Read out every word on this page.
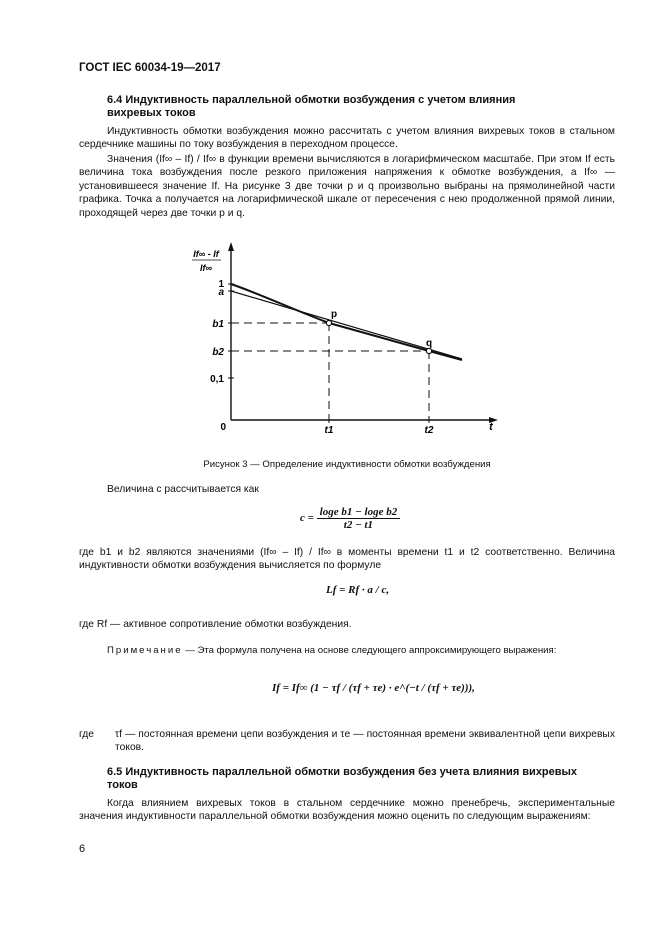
ГОСТ IEC 60034-19—2017
6.4 Индуктивность параллельной обмотки возбуждения с учетом влияния
вихревых токов
Индуктивность обмотки возбуждения можно рассчитать с учетом влияния вихревых токов в стальном сердечнике машины по току возбуждения в переходном процессе.
Значения (If∞ – If) / If∞ в функции времени вычисляются в логарифмическом масштабе. При этом If есть величина тока возбуждения после резкого приложения напряжения к обмотке возбуждения, а If∞ — установившееся значение If. На рисунке 3 две точки p и q произвольно выбраны на прямолинейной части графика. Точка a получается на логарифмической шкале от пересечения с нею продолженной прямой линии, проходящей через две точки p и q.
If∞ - If
If∞
1
a
b1
b2
0,1
0	t1	t2	t
p
q
Рисунок 3 — Определение индуктивности обмотки возбуждения
Величина c рассчитывается как
$c = \frac{\text{loge b1 − loge b2}}{t2 - t1}$
где b1 и b2 являются значениями (If∞ – If) / If∞ в моменты времени t1 и t2 соответственно. Величина индуктивности обмотки возбуждения вычисляется по формуле
Lf = Rf · a / c,
где Rf — активное сопротивление обмотки возбуждения.
Примечание — Эта формула получена на основе следующего аппроксимирующего выражения:
If = If∞ (1 − τf / (τf + τe) · e^(−t / (τf + τe))),
где	τf — постоянная времени цепи возбуждения и τe — постоянная времени эквивалентной цепи вихревых токов.
6.5 Индуктивность параллельной обмотки возбуждения без учета влияния вихревых
токов
Когда влиянием вихревых токов в стальном сердечнике можно пренебречь, экспериментальные значения индуктивности параллельной обмотки возбуждения можно оценить по следующим выражениям:
6
